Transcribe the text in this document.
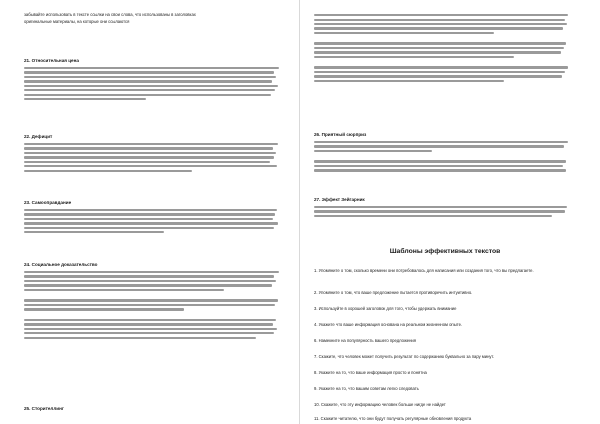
забывайте использовать в тексте ссылки на свои слова, что использованы в заголовках
оригинальные материалы, на которые они ссылаются
21. Относительная цена
22. Дефицит
23. Самооправдание
24. Социальное доказательство
25. Сторителлинг
26. Приятный сюрприз
27. Эффект Зейгарник
Шаблоны эффективных текстов
1. Упомяните о том, сколько времени они потребовалось для написания или создания того, что вы предлагаете.
2. Упомяните о том, что ваше предложение пытается противоречить интуитивно.
3. Используйте в хорошей заголовок для того, чтобы удержать внимание
4. Укажите что ваше информация основана на реальном жизненном опыте.
6. Намекните на популярность вашего предложения
7. Скажите, что человек может получить результат по содержанию буквально за пару минут.
8. Укажите на то, что ваше информация просто и понятна
9. Укажите на то, что вашим советам легко следовать
10. Скажите, что эту информацию человек больше нигде не найдет
11. Скажите читателю, что они будут получать регулярные обновления продукта
